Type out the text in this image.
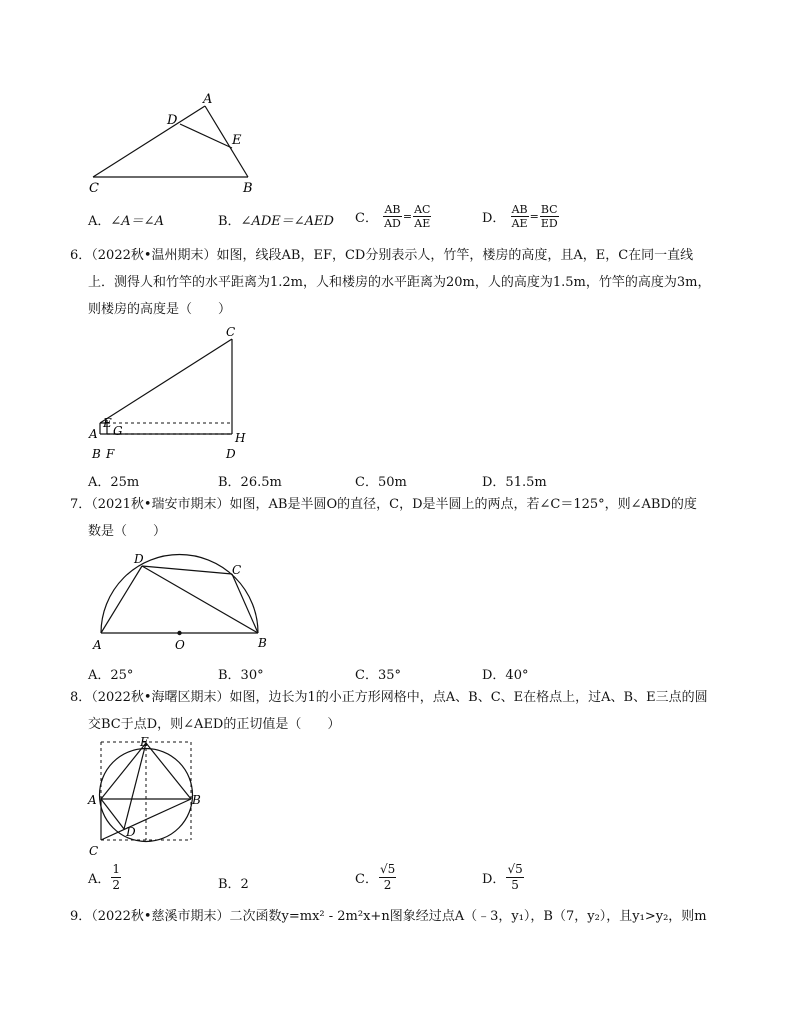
A
D
E
C	B
A．∠A＝∠A	B．∠ADE＝∠AED C． $\frac{AB}{AD} = \frac{AC}{AE}$	D． $\frac{AB}{AE} = \frac{BC}{ED}$
6．（2022秋•温州期末）如图，线段AB，EF，CD分别表示人，竹竿，楼房的高度，且A，E，C在同一直线
上．测得人和竹竿的水平距离为1.2m，人和楼房的水平距离为20m，人的高度为1.5m，竹竿的高度为3m，
则楼房的高度是（　　）
C
E
A G	H
B F	D
A．25m	B．26.5m	C．50m	D．51.5m
7．（2021秋•瑞安市期末）如图，AB是半圆O的直径，C，D是半圆上的两点，若∠C＝125°，则∠ABD的度
数是（　　）
D
C
A	O	B
A．25°	B．30°	C．35°	D．40°
8．（2022秋•海曙区期末）如图，边长为1的小正方形网格中，点A、B、C、E在格点上，过A、B、E三点的圆
交BC于点D，则∠AED的正切值是（　　）
E
A	B
D
C
A． $\frac{1}{2}$	B．2	C． $\frac{√5}{2}$	D． $\frac{√5}{5}$
9．（2022秋•慈溪市期末）二次函数y=mx² - 2m²x+n图象经过点A（﹣3，y₁），B（7，y₂），且y₁>y₂，则m
